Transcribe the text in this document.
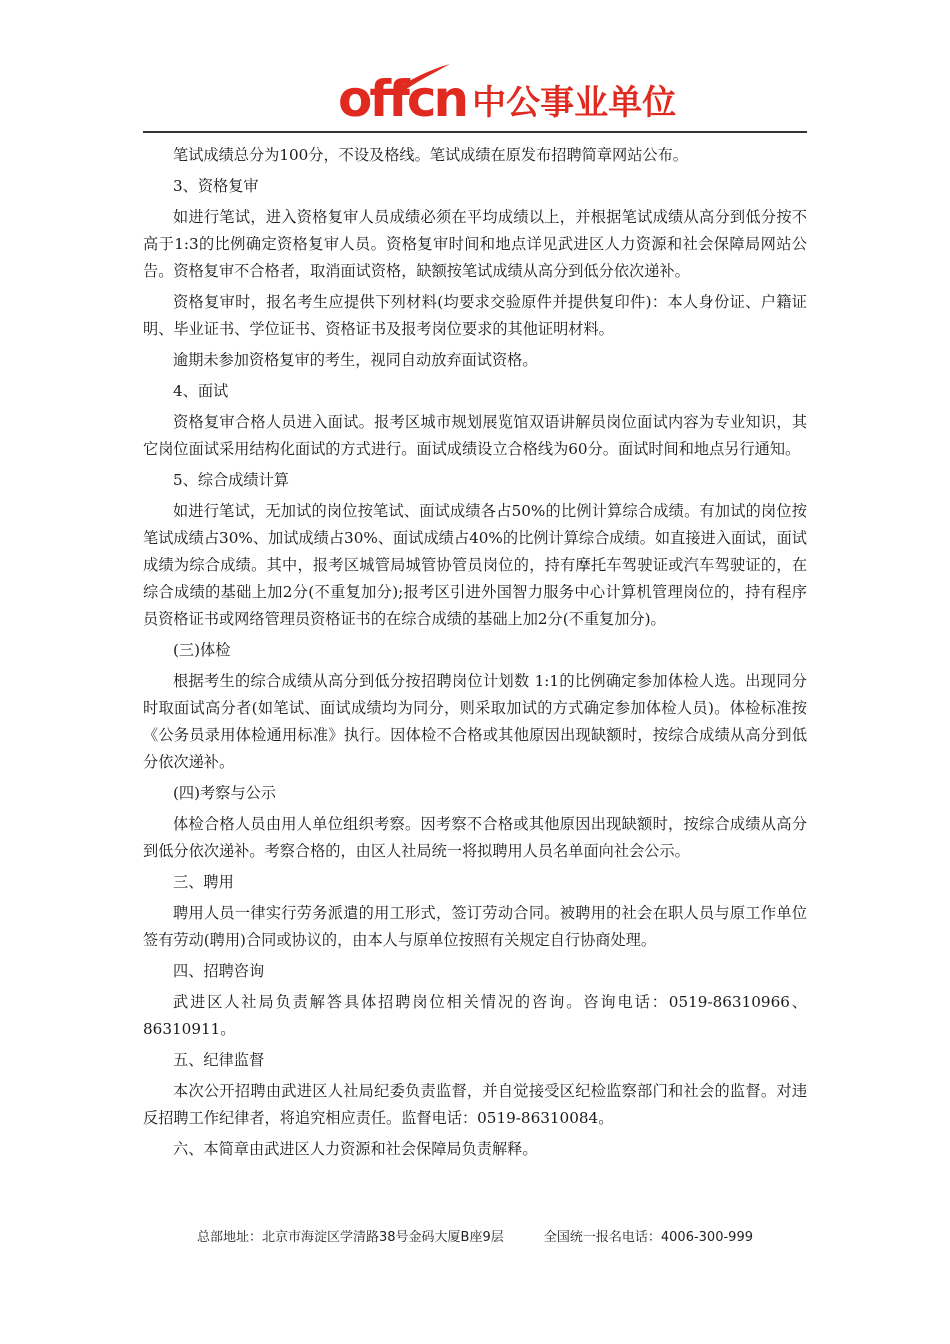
offcn 中公事业单位

笔试成绩总分为100分，不设及格线。笔试成绩在原发布招聘简章网站公布。

3、资格复审

如进行笔试，进入资格复审人员成绩必须在平均成绩以上，并根据笔试成绩从高分到低分按不高于1:3的比例确定资格复审人员。资格复审时间和地点详见武进区人力资源和社会保障局网站公告。资格复审不合格者，取消面试资格，缺额按笔试成绩从高分到低分依次递补。

资格复审时，报名考生应提供下列材料(均要求交验原件并提供复印件)：本人身份证、户籍证明、毕业证书、学位证书、资格证书及报考岗位要求的其他证明材料。

逾期未参加资格复审的考生，视同自动放弃面试资格。

4、面试

资格复审合格人员进入面试。报考区城市规划展览馆双语讲解员岗位面试内容为专业知识，其它岗位面试采用结构化面试的方式进行。面试成绩设立合格线为60分。面试时间和地点另行通知。

5、综合成绩计算

如进行笔试，无加试的岗位按笔试、面试成绩各占50%的比例计算综合成绩。有加试的岗位按笔试成绩占30%、加试成绩占30%、面试成绩占40%的比例计算综合成绩。如直接进入面试，面试成绩为综合成绩。其中，报考区城管局城管协管员岗位的，持有摩托车驾驶证或汽车驾驶证的，在综合成绩的基础上加2分(不重复加分);报考区引进外国智力服务中心计算机管理岗位的，持有程序员资格证书或网络管理员资格证书的在综合成绩的基础上加2分(不重复加分)。

(三)体检

根据考生的综合成绩从高分到低分按招聘岗位计划数 1:1的比例确定参加体检人选。出现同分时取面试高分者(如笔试、面试成绩均为同分，则采取加试的方式确定参加体检人员)。体检标准按《公务员录用体检通用标准》执行。因体检不合格或其他原因出现缺额时，按综合成绩从高分到低分依次递补。

(四)考察与公示

体检合格人员由用人单位组织考察。因考察不合格或其他原因出现缺额时，按综合成绩从高分到低分依次递补。考察合格的，由区人社局统一将拟聘用人员名单面向社会公示。

三、聘用

聘用人员一律实行劳务派遣的用工形式，签订劳动合同。被聘用的社会在职人员与原工作单位签有劳动(聘用)合同或协议的，由本人与原单位按照有关规定自行协商处理。

四、招聘咨询

武进区人社局负责解答具体招聘岗位相关情况的咨询。咨询电话：0519-86310966、86310911。

五、纪律监督

本次公开招聘由武进区人社局纪委负责监督，并自觉接受区纪检监察部门和社会的监督。对违反招聘工作纪律者，将追究相应责任。监督电话：0519-86310084。

六、本简章由武进区人力资源和社会保障局负责解释。

总部地址：北京市海淀区学清路38号金码大厦B座9层	全国统一报名电话：4006-300-999
